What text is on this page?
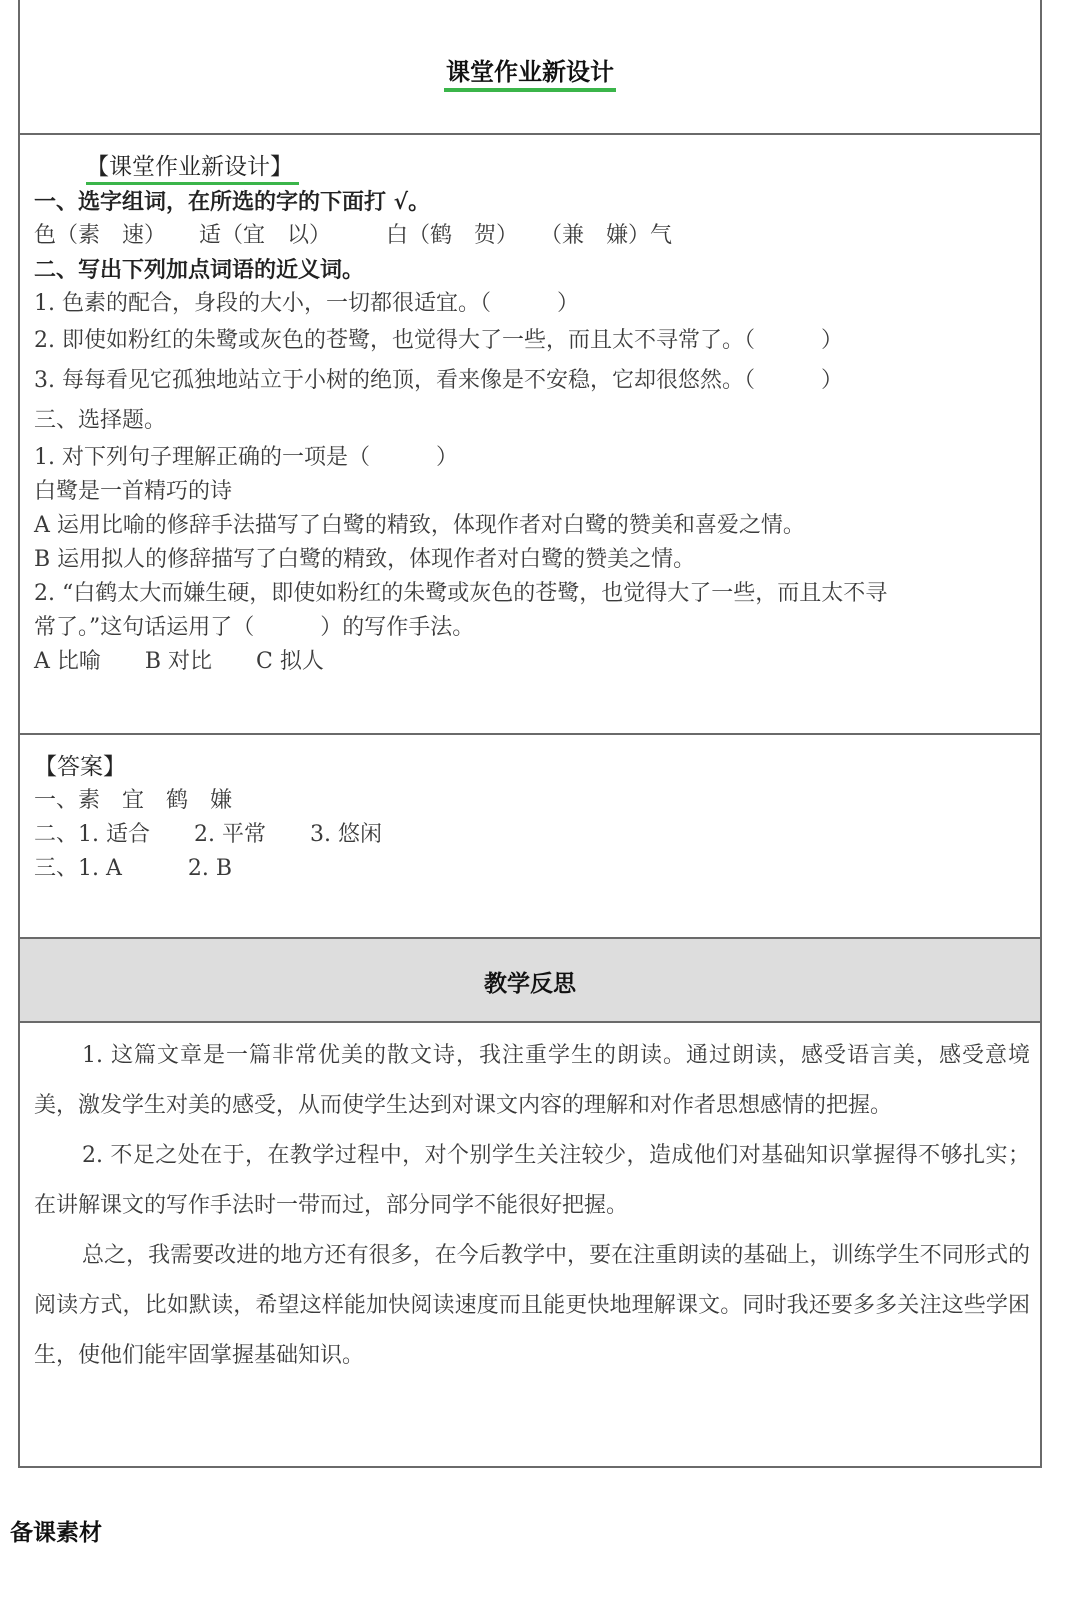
课堂作业新设计
【课堂作业新设计】
一、选字组词，在所选的字的下面打 √。
色（素　速）　　适（宜　以）　　　白（鹤　贺）　　（兼　嫌）气
二、写出下列加点词语的近义词。
1. 色素的配合，身段的大小，一切都很适宜。（　　　）
2. 即使如粉红的朱鹭或灰色的苍鹭，也觉得大了一些，而且太不寻常了。（　　　）
3. 每每看见它孤独地站立于小树的绝顶，看来像是不安稳，它却很悠然。（　　　）
三、选择题。
1. 对下列句子理解正确的一项是（　　　）
白鹭是一首精巧的诗
A 运用比喻的修辞手法描写了白鹭的精致，体现作者对白鹭的赞美和喜爱之情。
B 运用拟人的修辞描写了白鹭的精致，体现作者对白鹭的赞美之情。
2. “白鹤太大而嫌生硬，即使如粉红的朱鹭或灰色的苍鹭，也觉得大了一些，而且太不寻
常了。”这句话运用了（　　　）的写作手法。
A 比喻　　B 对比　　C 拟人
【答案】
一、素　宜　鹤　嫌
二、1. 适合　　2. 平常　　3. 悠闲
三、1. A　　　2. B
教学反思

1. 这篇文章是一篇非常优美的散文诗，我注重学生的朗读。通过朗读，感受语言美，感受意境美，激发学生对美的感受，从而使学生达到对课文内容的理解和对作者思想感情的把握。

2. 不足之处在于，在教学过程中，对个别学生关注较少，造成他们对基础知识掌握得不够扎实；在讲解课文的写作手法时一带而过，部分同学不能很好把握。

总之，我需要改进的地方还有很多，在今后教学中，要在注重朗读的基础上，训练学生不同形式的阅读方式，比如默读，希望这样能加快阅读速度而且能更快地理解课文。同时我还要多多关注这些学困生，使他们能牢固掌握基础知识。

备课素材
